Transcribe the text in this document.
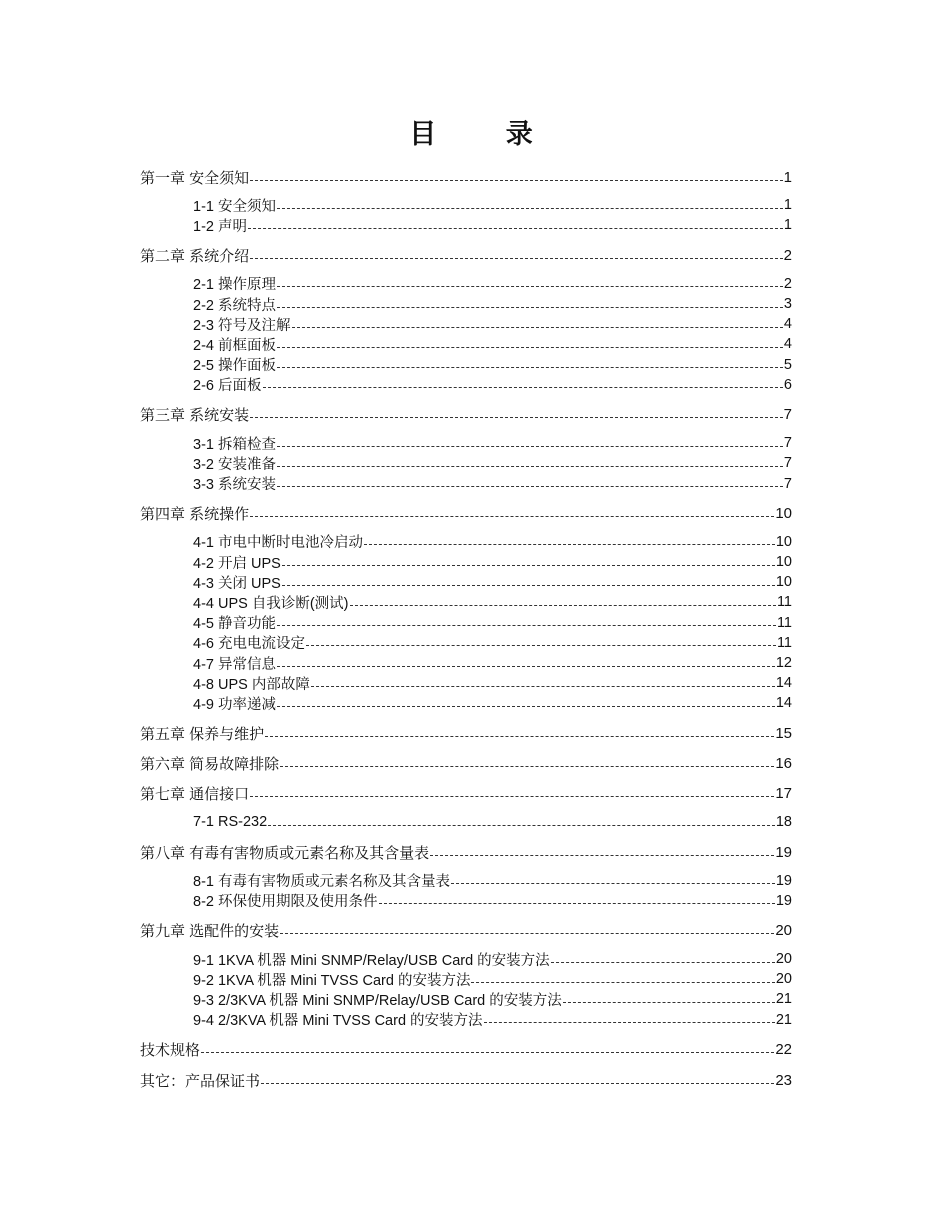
目 录
第一章 安全须知	1
1-1 安全须知	1
1-2 声明	1
第二章 系统介绍	2
2-1 操作原理	2
2-2 系统特点	3
2-3 符号及注解	4
2-4 前框面板	4
2-5 操作面板	5
2-6 后面板	6
第三章 系统安装	7
3-1 拆箱检查	7
3-2 安装准备	7
3-3 系统安装	7
第四章 系统操作	10
4-1 市电中断时电池冷启动	10
4-2 开启 UPS	10
4-3 关闭 UPS	10
4-4 UPS 自我诊断(测试)	11
4-5 静音功能	11
4-6 充电电流设定	11
4-7 异常信息	12
4-8 UPS 内部故障	14
4-9 功率递减	14
第五章 保养与维护	15
第六章 简易故障排除	16
第七章 通信接口	17
7-1 RS-232	18
第八章 有毒有害物质或元素名称及其含量表	19
8-1 有毒有害物质或元素名称及其含量表	19
8-2 环保使用期限及使用条件	19
第九章 选配件的安装	20
9-1 1KVA 机器 Mini SNMP/Relay/USB Card 的安装方法	20
9-2 1KVA 机器 Mini TVSS Card 的安装方法	20
9-3 2/3KVA 机器 Mini SNMP/Relay/USB Card 的安装方法	21
9-4 2/3KVA 机器 Mini TVSS Card 的安装方法	21
技术规格	22
其它：产品保证书	23
